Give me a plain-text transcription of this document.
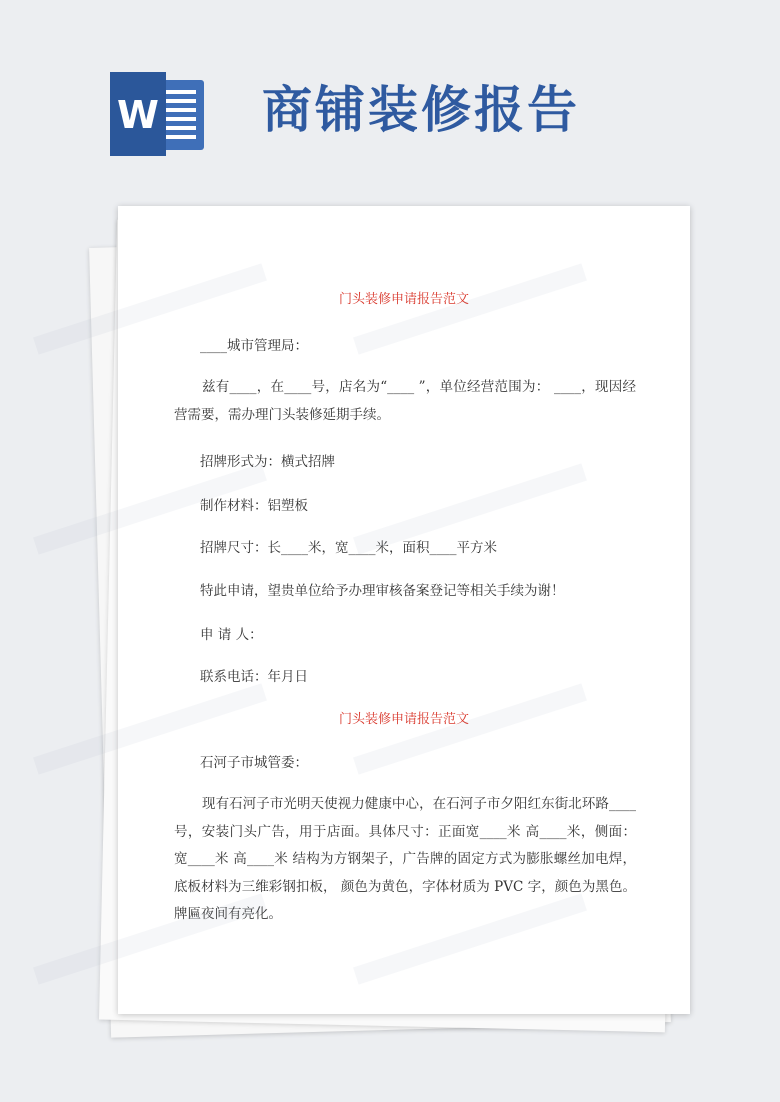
W 商铺装修报告
门头装修申请报告范文
____城市管理局：
兹有____，在____号，店名为“____ ”，单位经营范围为： ____，现因经营需要，需办理门头装修延期手续。
招牌形式为：横式招牌
制作材料：铝塑板
招牌尺寸：长____米，宽____米，面积____平方米
特此申请，望贵单位给予办理审核备案登记等相关手续为谢！
申 请 人：
联系电话：年月日
门头装修申请报告范文
石河子市城管委：
现有石河子市光明天使视力健康中心，在石河子市夕阳红东街北环路____号，安装门头广告，用于店面。具体尺寸：正面宽____米 高____米，侧面：宽____米 高____米 结构为方钢架子，广告牌的固定方式为膨胀螺丝加电焊，底板材料为三维彩钢扣板， 颜色为黄色，字体材质为 PVC 字，颜色为黑色。牌匾夜间有亮化。
